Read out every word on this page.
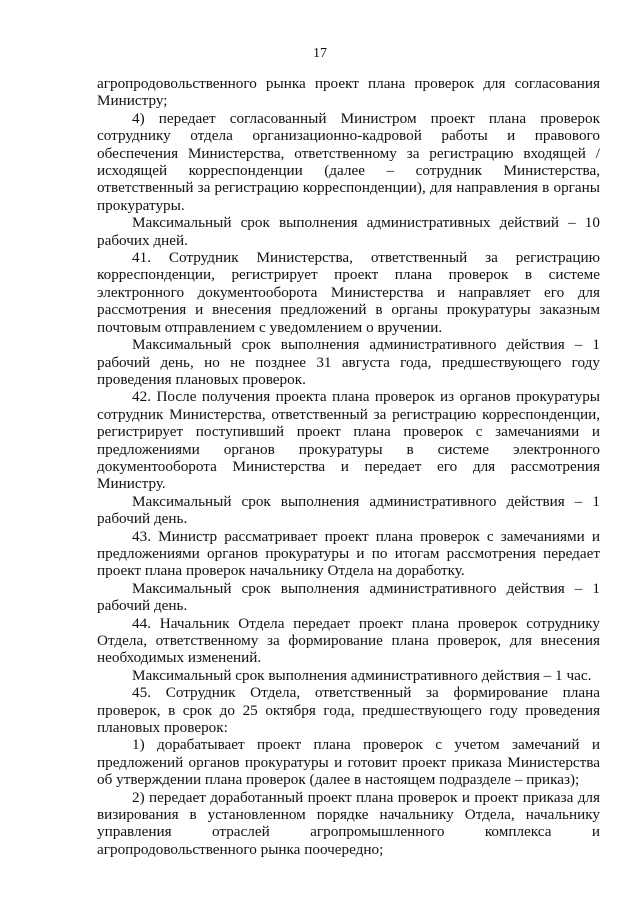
17

агропродовольственного рынка проект плана проверок для согласования Министру;

4) передает согласованный Министром проект плана проверок сотруднику отдела организационно-кадровой работы и правового обеспечения Министерства, ответственному за регистрацию входящей / исходящей корреспонденции (далее – сотрудник Министерства, ответственный за регистрацию корреспонденции), для направления в органы прокуратуры.

Максимальный срок выполнения административных действий – 10 рабочих дней.

41. Сотрудник Министерства, ответственный за регистрацию корреспонденции, регистрирует проект плана проверок в системе электронного документооборота Министерства и направляет его для рассмотрения и внесения предложений в органы прокуратуры заказным почтовым отправлением с уведомлением о вручении.

Максимальный срок выполнения административного действия – 1 рабочий день, но не позднее 31 августа года, предшествующего году проведения плановых проверок.

42. После получения проекта плана проверок из органов прокуратуры сотрудник Министерства, ответственный за регистрацию корреспонденции, регистрирует поступивший проект плана проверок с замечаниями и предложениями органов прокуратуры в системе электронного документооборота Министерства и передает его для рассмотрения Министру.

Максимальный срок выполнения административного действия – 1 рабочий день.

43. Министр рассматривает проект плана проверок с замечаниями и предложениями органов прокуратуры и по итогам рассмотрения передает проект плана проверок начальнику Отдела на доработку.

Максимальный срок выполнения административного действия – 1 рабочий день.

44. Начальник Отдела передает проект плана проверок сотруднику Отдела, ответственному за формирование плана проверок, для внесения необходимых изменений.

Максимальный срок выполнения административного действия – 1 час.

45. Сотрудник Отдела, ответственный за формирование плана проверок, в срок до 25 октября года, предшествующего году проведения плановых проверок:

1) дорабатывает проект плана проверок с учетом замечаний и предложений органов прокуратуры и готовит проект приказа Министерства об утверждении плана проверок (далее в настоящем подразделе – приказ);

2) передает доработанный проект плана проверок и проект приказа для визирования в установленном порядке начальнику Отдела, начальнику управления отраслей агропромышленного комплекса и агропродовольственного рынка поочередно;
